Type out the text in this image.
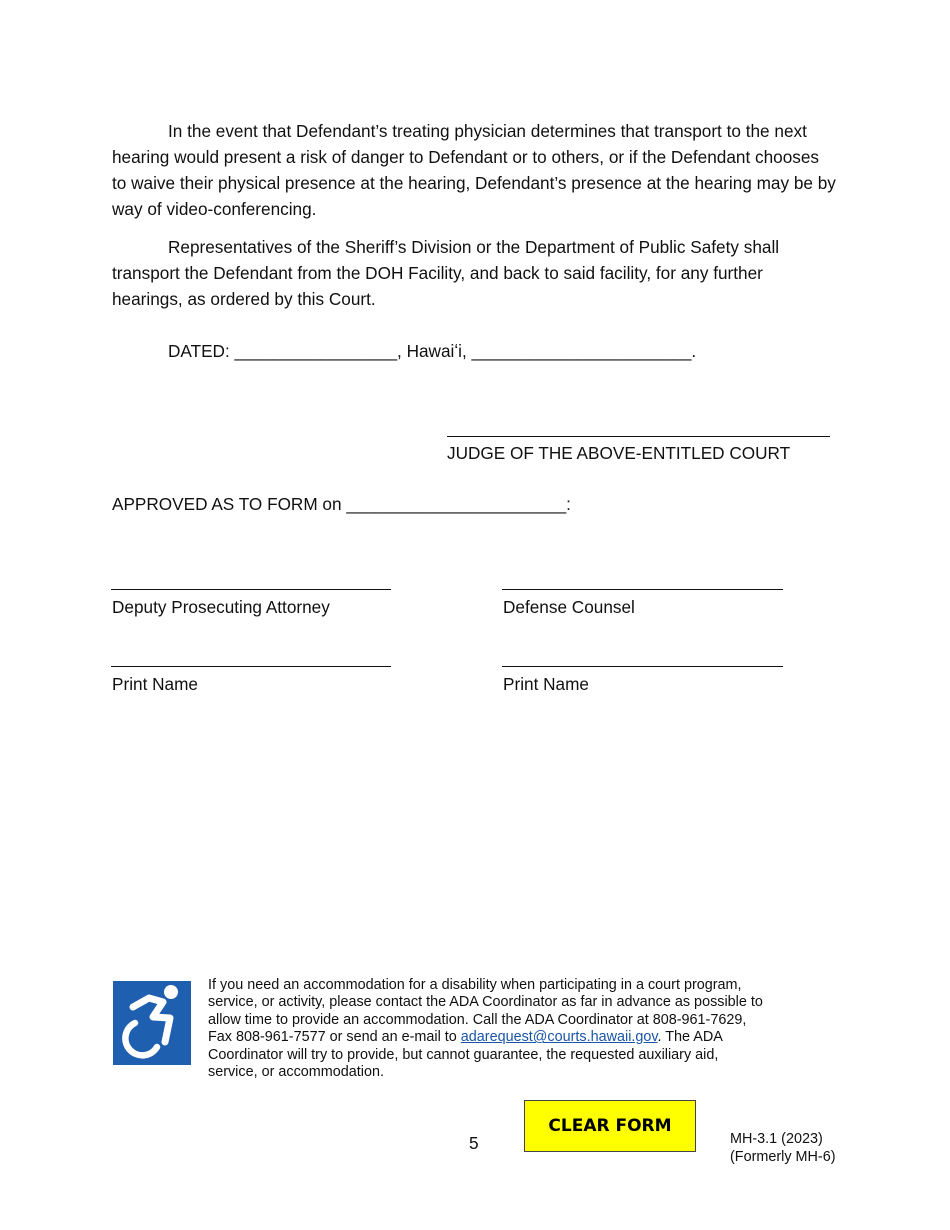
In the event that Defendant’s treating physician determines that transport to the next hearing would present a risk of danger to Defendant or to others, or if the Defendant chooses to waive their physical presence at the hearing, Defendant’s presence at the hearing may be by way of video-conferencing.

Representatives of the Sheriff’s Division or the Department of Public Safety shall transport the Defendant from the DOH Facility, and back to said facility, for any further hearings, as ordered by this Court.

DATED: _________________, Hawaiʻi, _______________________.
JUDGE OF THE ABOVE-ENTITLED COURT
APPROVED AS TO FORM on _______________________:
Deputy Prosecuting Attorney	Defense Counsel
Print Name	Print Name
If you need an accommodation for a disability when participating in a court program,
service, or activity, please contact the ADA Coordinator as far in advance as possible to
allow time to provide an accommodation. Call the ADA Coordinator at 808-961-7629,
Fax 808-961-7577 or send an e-mail to adarequest@courts.hawaii.gov. The ADA
Coordinator will try to provide, but cannot guarantee, the requested auxiliary aid,
service, or accommodation.
CLEAR FORM
5	MH-3.1 (2023)
(Formerly MH-6)
